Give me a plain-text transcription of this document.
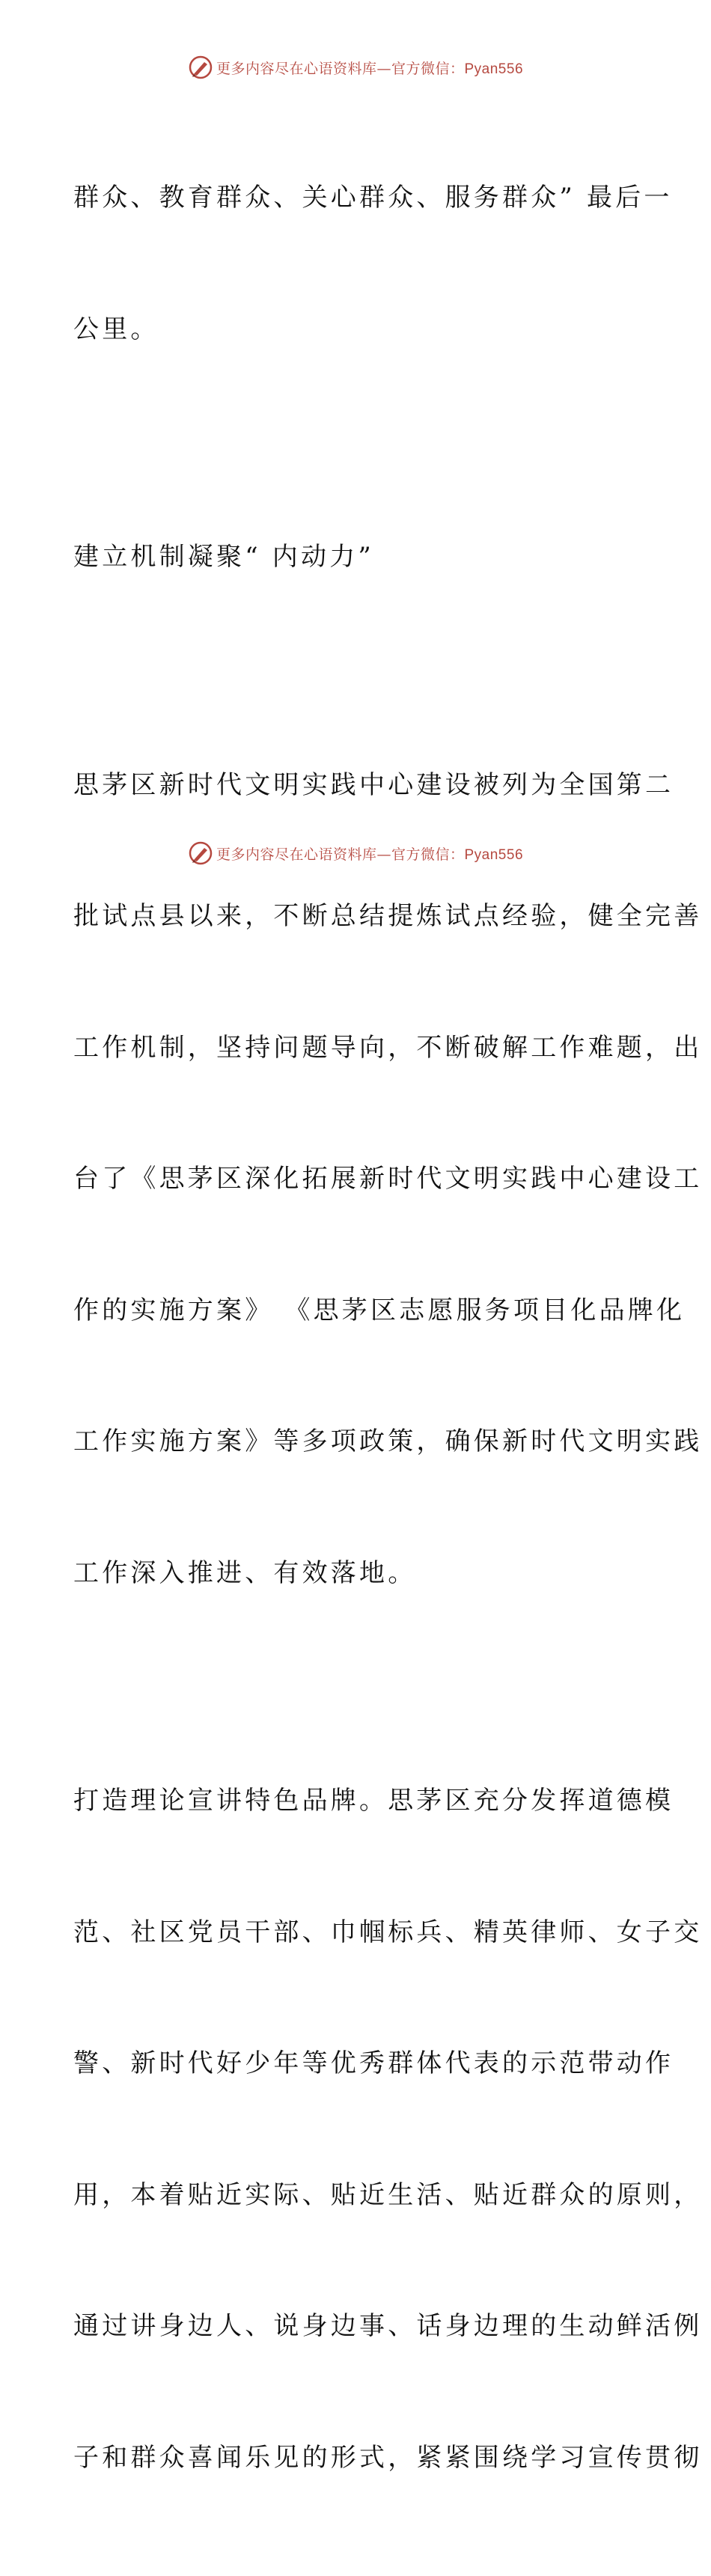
更多内容尽在心语资料库—官方微信：Pyan556

群众、教育群众、关心群众、服务群众” 最后一

公里。

建立机制凝聚“ 内动力”

思茅区新时代文明实践中心建设被列为全国第二

批试点县以来，不断总结提炼试点经验，健全完善

工作机制，坚持问题导向，不断破解工作难题，出

台了《思茅区深化拓展新时代文明实践中心建设工

作的实施方案》 《思茅区志愿服务项目化品牌化

工作实施方案》等多项政策，确保新时代文明实践

工作深入推进、有效落地。

打造理论宣讲特色品牌。思茅区充分发挥道德模

范、社区党员干部、巾帼标兵、精英律师、女子交

警、新时代好少年等优秀群体代表的示范带动作

用，本着贴近实际、贴近生活、贴近群众的原则，

通过讲身边人、说身边事、话身边理的生动鲜活例

子和群众喜闻乐见的形式，紧紧围绕学习宣传贯彻

更多内容尽在心语资料库—官方微信：Pyan556
